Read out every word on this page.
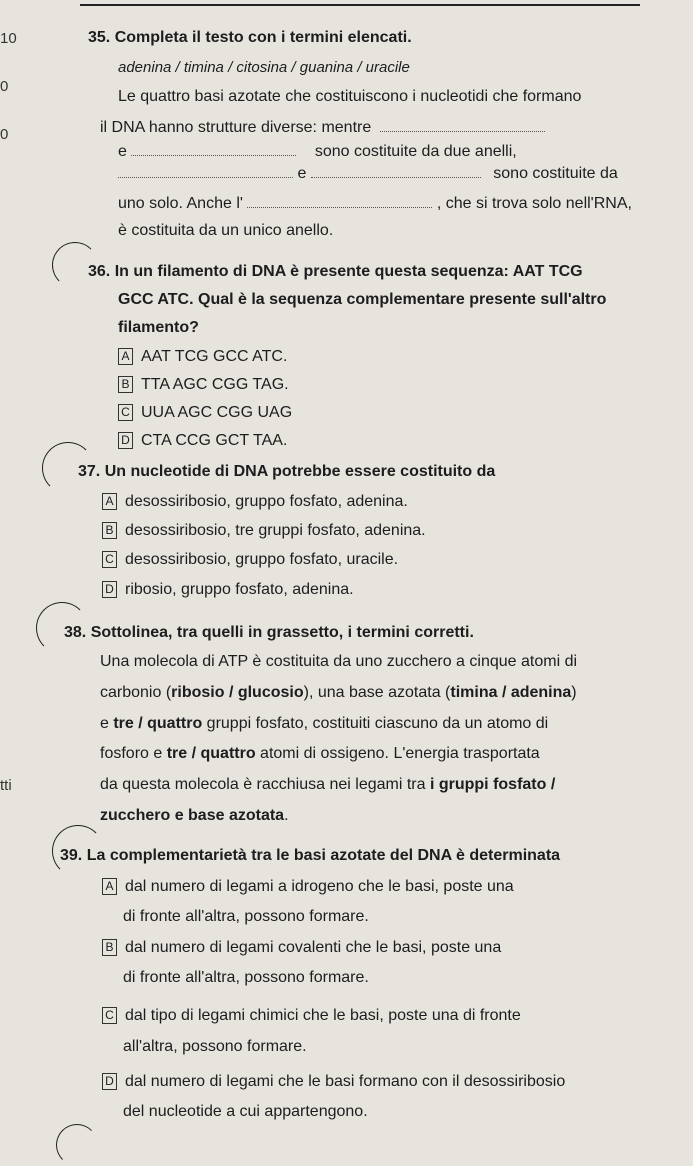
10
0
0
tti
35. Completa il testo con i termini elencati.
adenina / timina / citosina / guanina / uracile
Le quattro basi azotate che costituiscono i nucleotidi che formano
il DNA hanno strutture diverse: mentre
e	sono costituite da due anelli,
e	sono costituite da
uno solo. Anche l'	, che si trova solo nell'RNA,
è costituita da un unico anello.
36. In un filamento di DNA è presente questa sequenza: AAT TCG
GCC ATC. Qual è la sequenza complementare presente sull'altro
filamento?
A AAT TCG GCC ATC.
B TTA AGC CGG TAG.
C UUA AGC CGG UAG
D CTA CCG GCT TAA.
37. Un nucleotide di DNA potrebbe essere costituito da
A desossiribosio, gruppo fosfato, adenina.
B desossiribosio, tre gruppi fosfato, adenina.
C desossiribosio, gruppo fosfato, uracile.
D ribosio, gruppo fosfato, adenina.
38. Sottolinea, tra quelli in grassetto, i termini corretti.
Una molecola di ATP è costituita da uno zucchero a cinque atomi di
carbonio (ribosio / glucosio), una base azotata (timina / adenina)
e tre / quattro gruppi fosfato, costituiti ciascuno da un atomo di
fosforo e tre / quattro atomi di ossigeno. L'energia trasportata
da questa molecola è racchiusa nei legami tra i gruppi fosfato /
zucchero e base azotata.
39. La complementarietà tra le basi azotate del DNA è determinata
A dal numero di legami a idrogeno che le basi, poste una
di fronte all'altra, possono formare.
B dal numero di legami covalenti che le basi, poste una
di fronte all'altra, possono formare.
C dal tipo di legami chimici che le basi, poste una di fronte
all'altra, possono formare.
D dal numero di legami che le basi formano con il desossiribosio
del nucleotide a cui appartengono.
